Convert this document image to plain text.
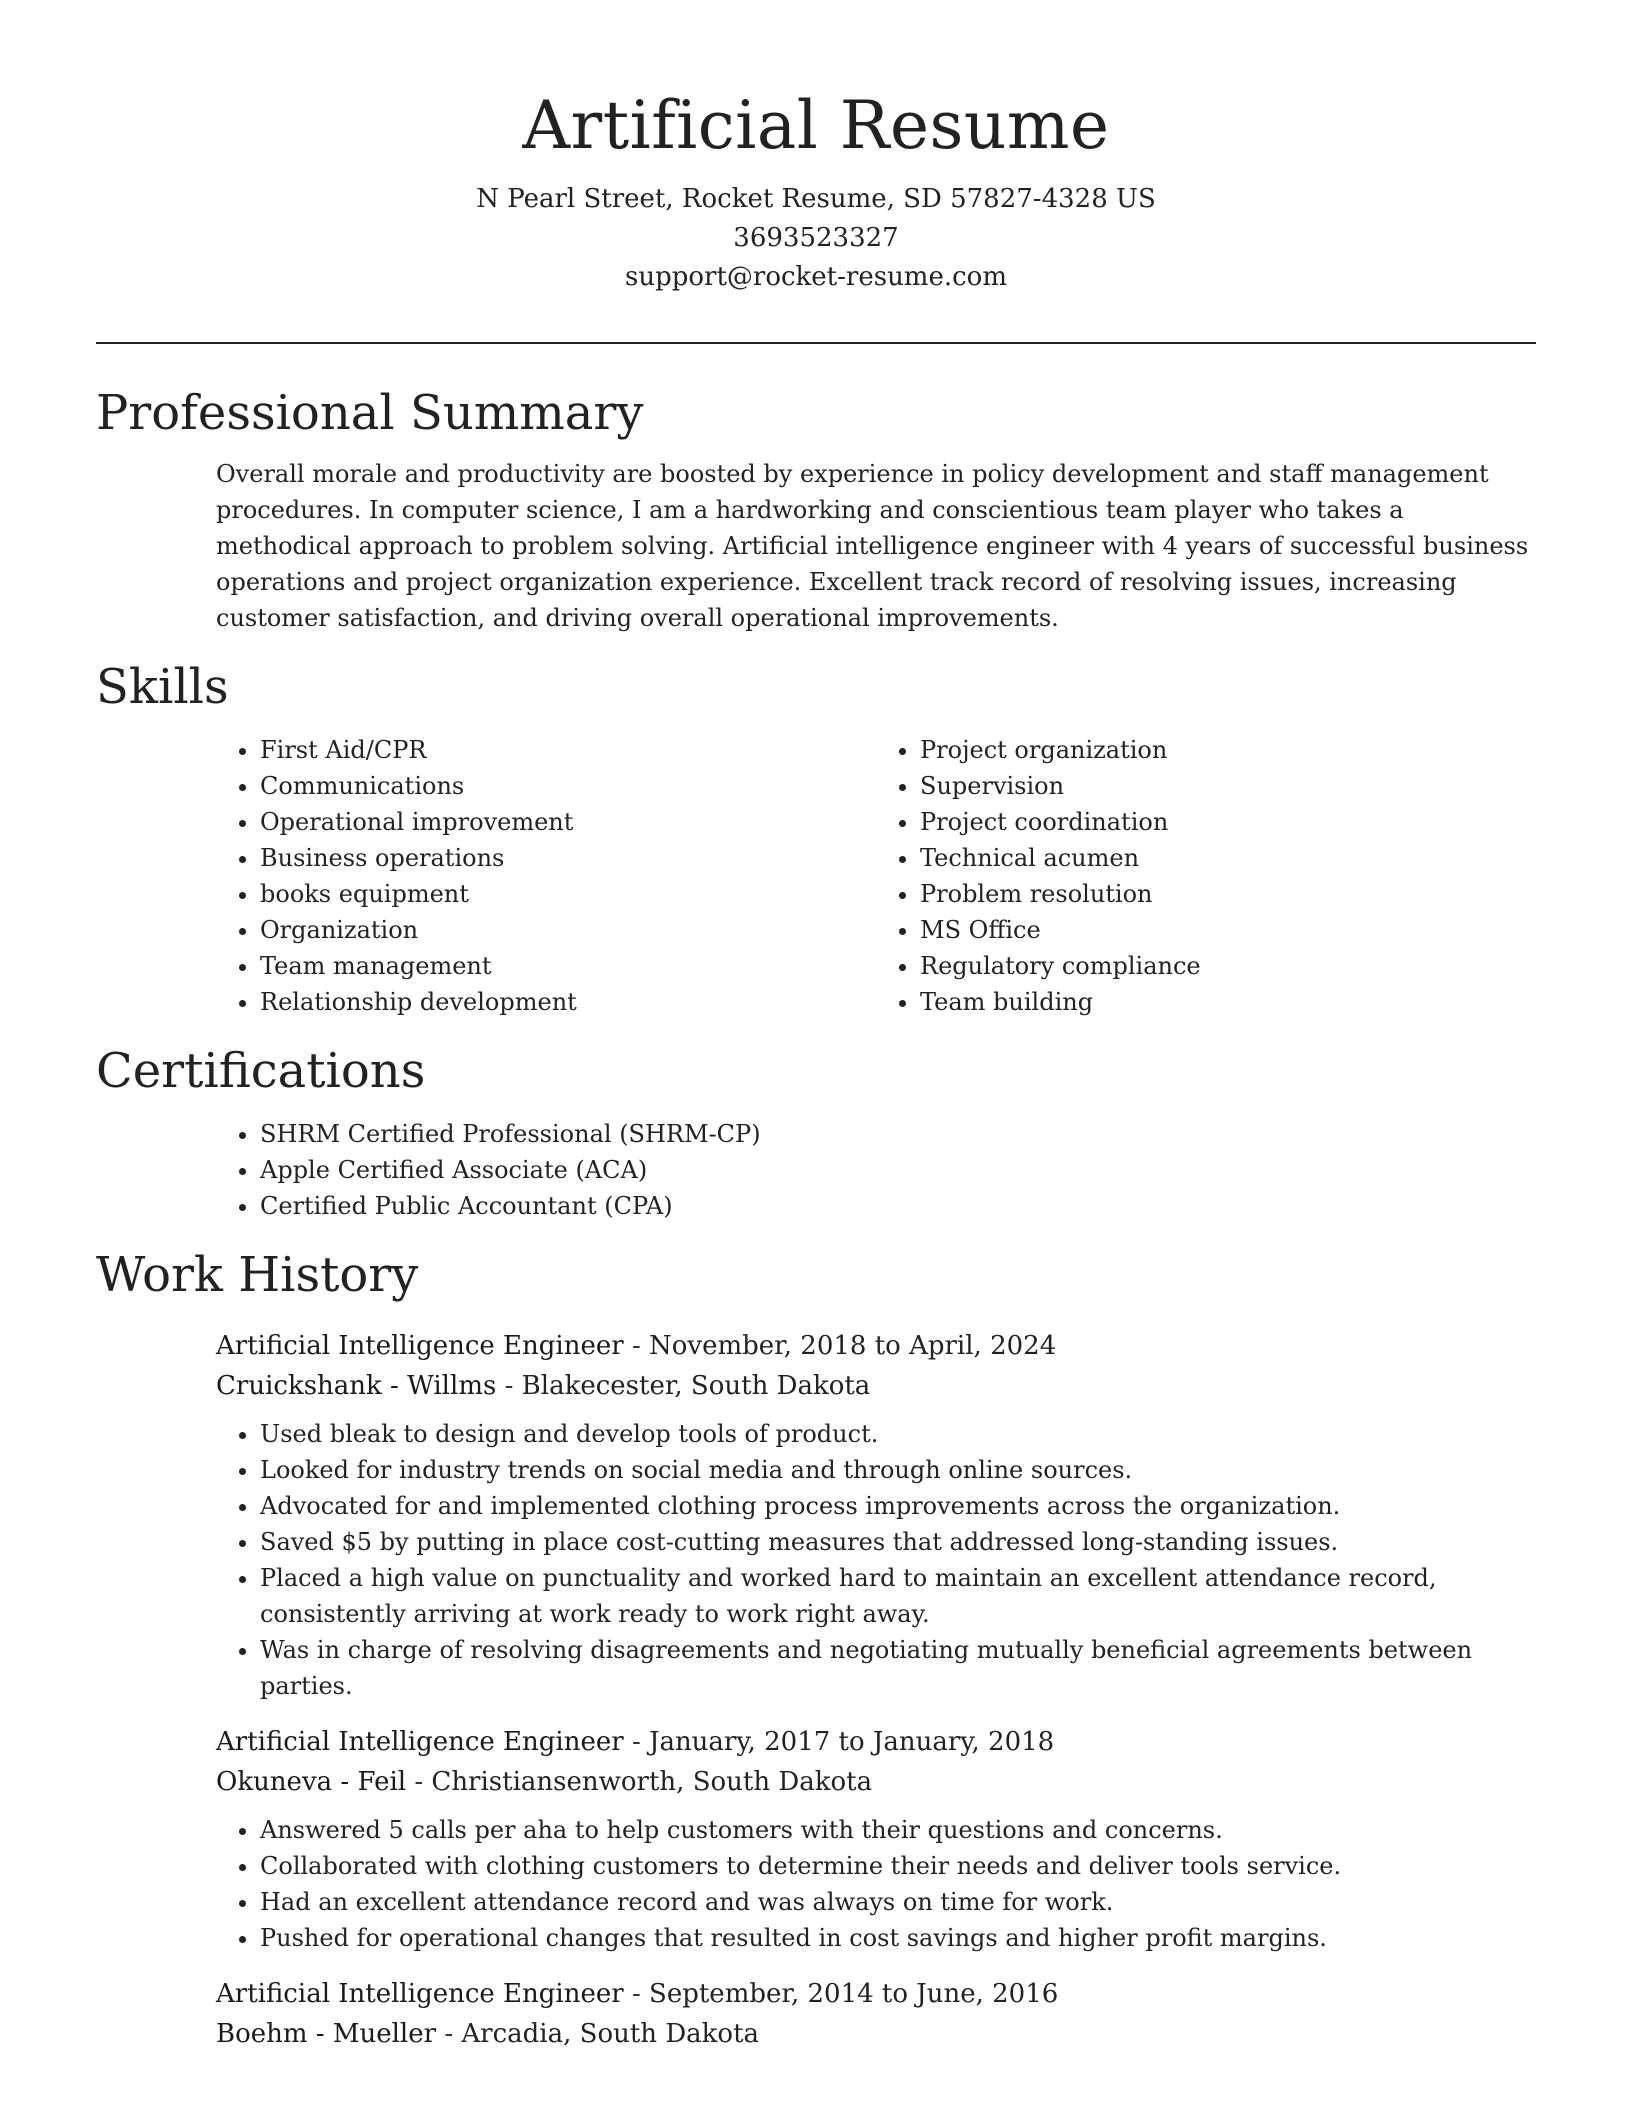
Artificial Resume
N Pearl Street, Rocket Resume, SD 57827-4328 US
3693523327
support@rocket-resume.com
Professional Summary

Overall morale and productivity are boosted by experience in policy development and staff management procedures. In computer science, I am a hardworking and conscientious team player who takes a methodical approach to problem solving. Artificial intelligence engineer with 4 years of successful business operations and project organization experience. Excellent track record of resolving issues, increasing customer satisfaction, and driving overall operational improvements.

Skills
• First Aid/CPR
• Communications
• Operational improvement
• Business operations
• books equipment
• Organization
• Team management
• Relationship development
• Project organization
• Supervision
• Project coordination
• Technical acumen
• Problem resolution
• MS Office
• Regulatory compliance
• Team building
Certifications
• SHRM Certified Professional (SHRM-CP)
• Apple Certified Associate (ACA)
• Certified Public Accountant (CPA)
Work History
Artificial Intelligence Engineer - November, 2018 to April, 2024
Cruickshank - Willms - Blakecester, South Dakota
• Used bleak to design and develop tools of product.
• Looked for industry trends on social media and through online sources.
• Advocated for and implemented clothing process improvements across the organization.
• Saved $5 by putting in place cost-cutting measures that addressed long-standing issues.
• Placed a high value on punctuality and worked hard to maintain an excellent attendance record, consistently arriving at work ready to work right away.
• Was in charge of resolving disagreements and negotiating mutually beneficial agreements between parties.
Artificial Intelligence Engineer - January, 2017 to January, 2018
Okuneva - Feil - Christiansenworth, South Dakota
• Answered 5 calls per aha to help customers with their questions and concerns.
• Collaborated with clothing customers to determine their needs and deliver tools service.
• Had an excellent attendance record and was always on time for work.
• Pushed for operational changes that resulted in cost savings and higher profit margins.
Artificial Intelligence Engineer - September, 2014 to June, 2016
Boehm - Mueller - Arcadia, South Dakota
